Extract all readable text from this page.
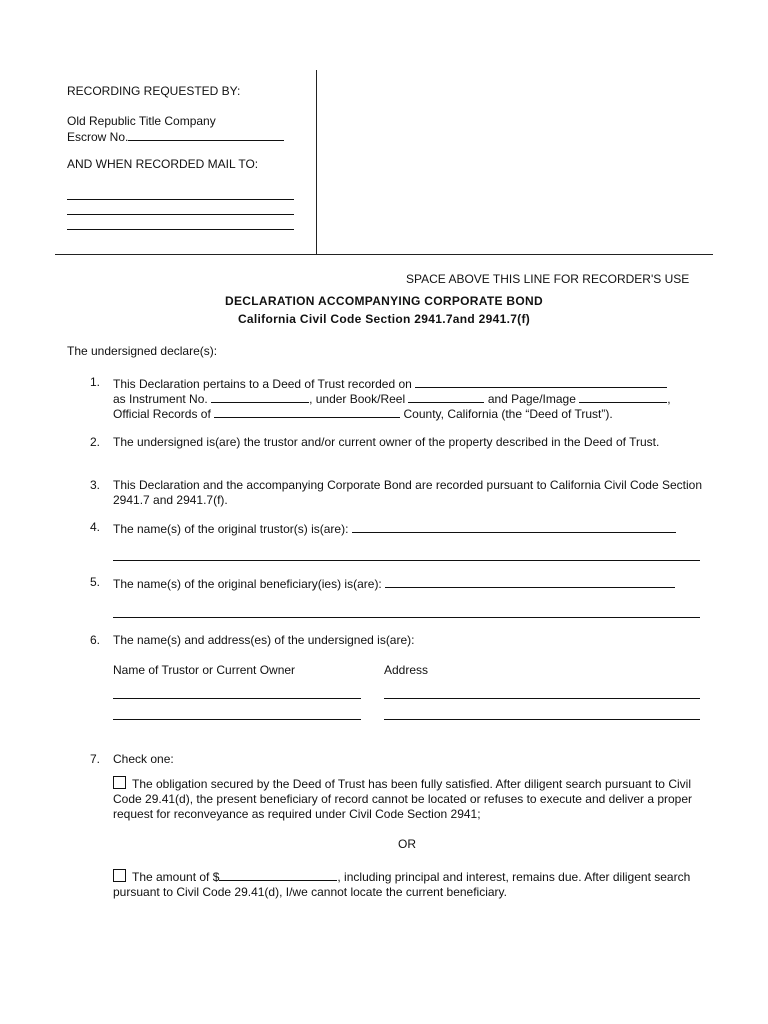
RECORDING REQUESTED BY:
Old Republic Title Company
Escrow No.
AND WHEN RECORDED MAIL TO:
SPACE ABOVE THIS LINE FOR RECORDER'S USE
DECLARATION ACCOMPANYING CORPORATE BOND
California Civil Code Section 2941.7and 2941.7(f)
The undersigned declare(s):
1. This Declaration pertains to a Deed of Trust recorded on
as Instrument No.	, under Book/Reel	and Page/Image	,
Official Records of	County, California (the “Deed of Trust”).
2. The undersigned is(are) the trustor and/or current owner of the property described in the Deed of Trust.
3. This Declaration and the accompanying Corporate Bond are recorded pursuant to California Civil Code Section 2941.7 and 2941.7(f).
4. The name(s) of the original trustor(s) is(are):
5. The name(s) of the original beneficiary(ies) is(are):
6. The name(s) and address(es) of the undersigned is(are):
Name of Trustor or Current Owner	Address
7. Check one:
The obligation secured by the Deed of Trust has been fully satisfied. After diligent search pursuant to Civil Code 29.41(d), the present beneficiary of record cannot be located or refuses to execute and deliver a proper request for reconveyance as required under Civil Code Section 2941;
OR
The amount of $	, including principal and interest, remains due. After diligent search pursuant to Civil Code 29.41(d), I/we cannot locate the current beneficiary.
